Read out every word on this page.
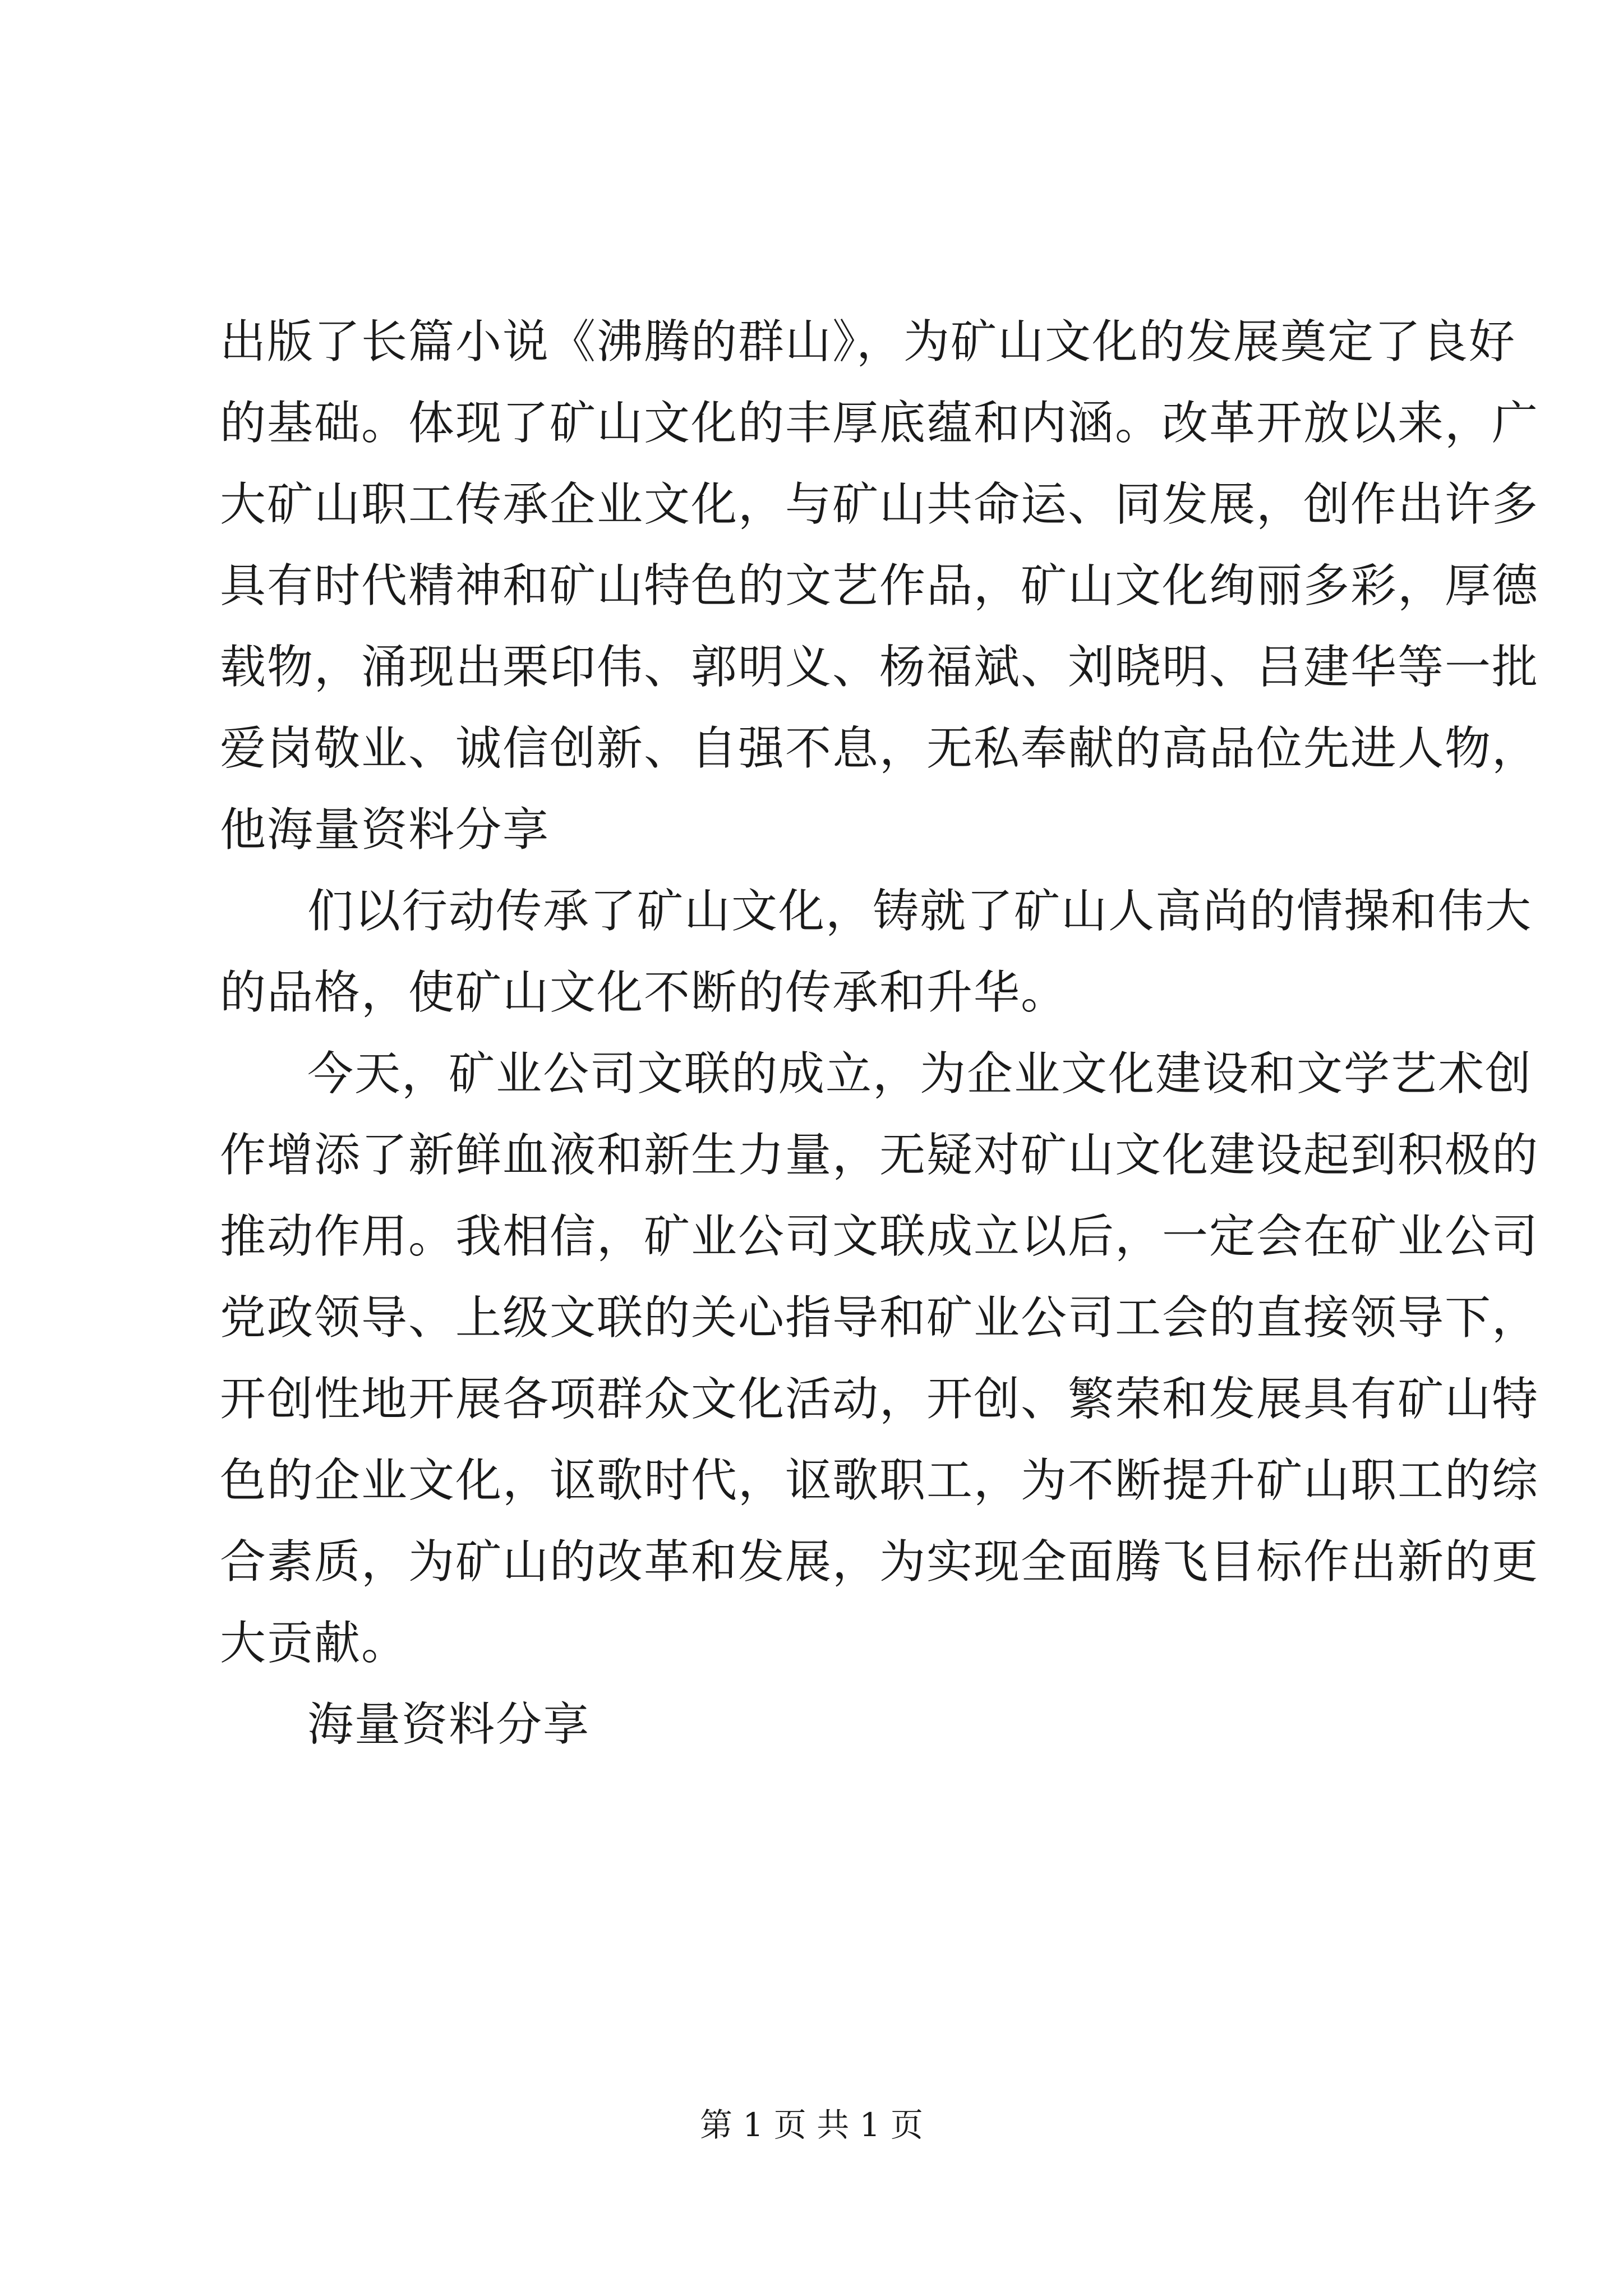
出版了长篇小说《沸腾的群山》，为矿山文化的发展奠定了良好
的基础。体现了矿山文化的丰厚底蕴和内涵。改革开放以来，广
大矿山职工传承企业文化，与矿山共命运、同发展，创作出许多
具有时代精神和矿山特色的文艺作品，矿山文化绚丽多彩，厚德
载物，涌现出栗印伟、郭明义、杨福斌、刘晓明、吕建华等一批
爱岗敬业、诚信创新、自强不息，无私奉献的高品位先进人物，
他海量资料分享
们以行动传承了矿山文化，铸就了矿山人高尚的情操和伟大
的品格，使矿山文化不断的传承和升华。
今天，矿业公司文联的成立，为企业文化建设和文学艺术创
作增添了新鲜血液和新生力量，无疑对矿山文化建设起到积极的
推动作用。我相信，矿业公司文联成立以后，一定会在矿业公司
党政领导、上级文联的关心指导和矿业公司工会的直接领导下，
开创性地开展各项群众文化活动，开创、繁荣和发展具有矿山特
色的企业文化，讴歌时代，讴歌职工，为不断提升矿山职工的综
合素质，为矿山的改革和发展，为实现全面腾飞目标作出新的更
大贡献。
海量资料分享
第 1 页 共 1 页
